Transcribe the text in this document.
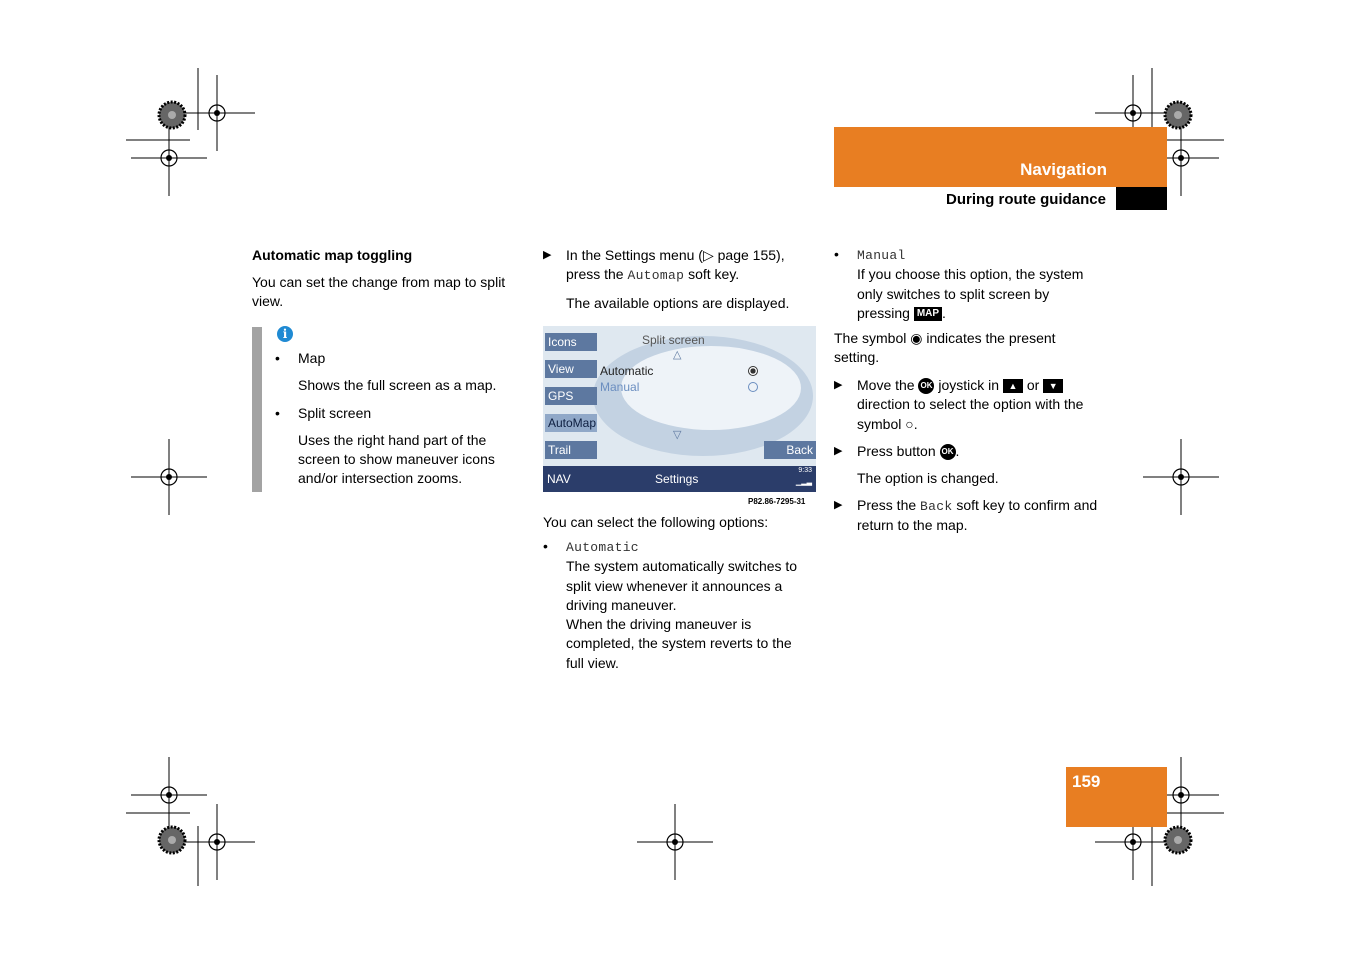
Navigation
During route guidance
Automatic map toggling
You can set the change from map to split view.
i
• Map
Shows the full screen as a map.
• Split screen
Uses the right hand part of the screen to show maneuver icons and/or intersection zooms.
▶ In the Settings menu (▷ page 155), press the Automap soft key.
The available options are displayed.
Icons
View
GPS
AutoMap
Trail
Split screen
△
Automatic
Manual
▽
Back
NAV	Settings
9:33
▁▂▃
P82.86-7295-31
You can select the following options:
• Automatic
The system automatically switches to split view whenever it announces a driving maneuver.
When the driving maneuver is completed, the system reverts to the full view.
• Manual
If you choose this option, the system only switches to split screen by pressing MAP .
The symbol ◉ indicates the present setting.
▶ Move the OK joystick in ▲ or ▼ direction to select the option with the symbol ○.
▶ Press button OK .
The option is changed.
▶ Press the Back soft key to confirm and return to the map.
159
